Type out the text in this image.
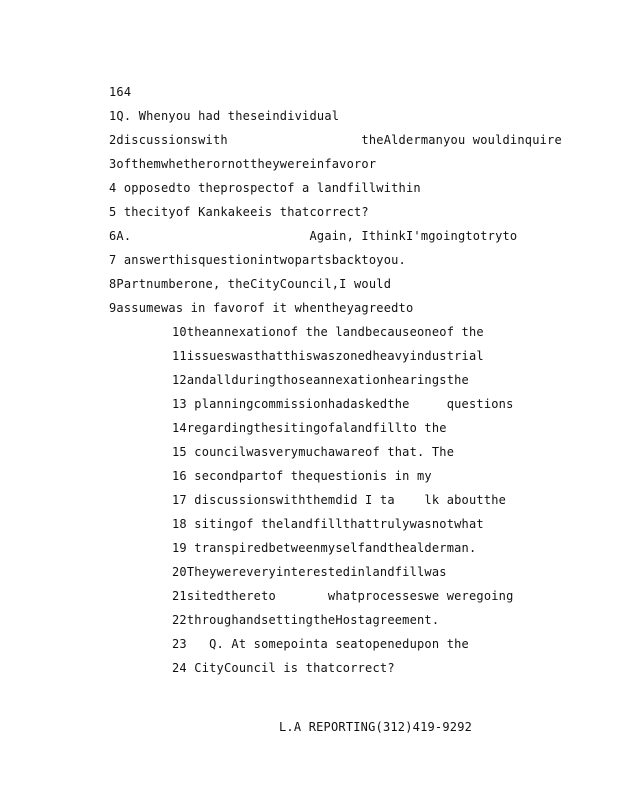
164
1Q. Whenyou had theseindividual
2discussionswith                  theAldermanyou wouldinquire
3ofthemwhetherornottheywereinfavoror
4 opposedto theprospectof a landfillwithin
5 thecityof Kankakeeis thatcorrect?
6A.                        Again, IthinkI'mgoingtotryto
7 answerthisquestionintwopartsbacktoyou.
8Partnumberone, theCityCouncil,I would
9assumewas in favorof it whentheyagreedto
10theannexationof the landbecauseoneof the
11issueswasthatthiswaszonedheavyindustrial
12andallduringthoseannexationhearingsthe
13 planningcommissionhadaskedthe     questions
14regardingthesitingofalandfillto the
15 councilwasverymuchawareof that. The
16 secondpartof thequestionis in my
17 discussionswiththemdid I ta    lk aboutthe
18 sitingof thelandfillthattrulywasnotwhat
19 transpiredbetweenmyselfandthealderman.
20Theywereveryinterestedinlandfillwas
21sitedthereto       whatprocesseswe weregoing
22throughandsettingtheHostagreement.
23   Q. At somepointa seatopenedupon the
24 CityCouncil is thatcorrect?
L.A REPORTING(312)419-9292
